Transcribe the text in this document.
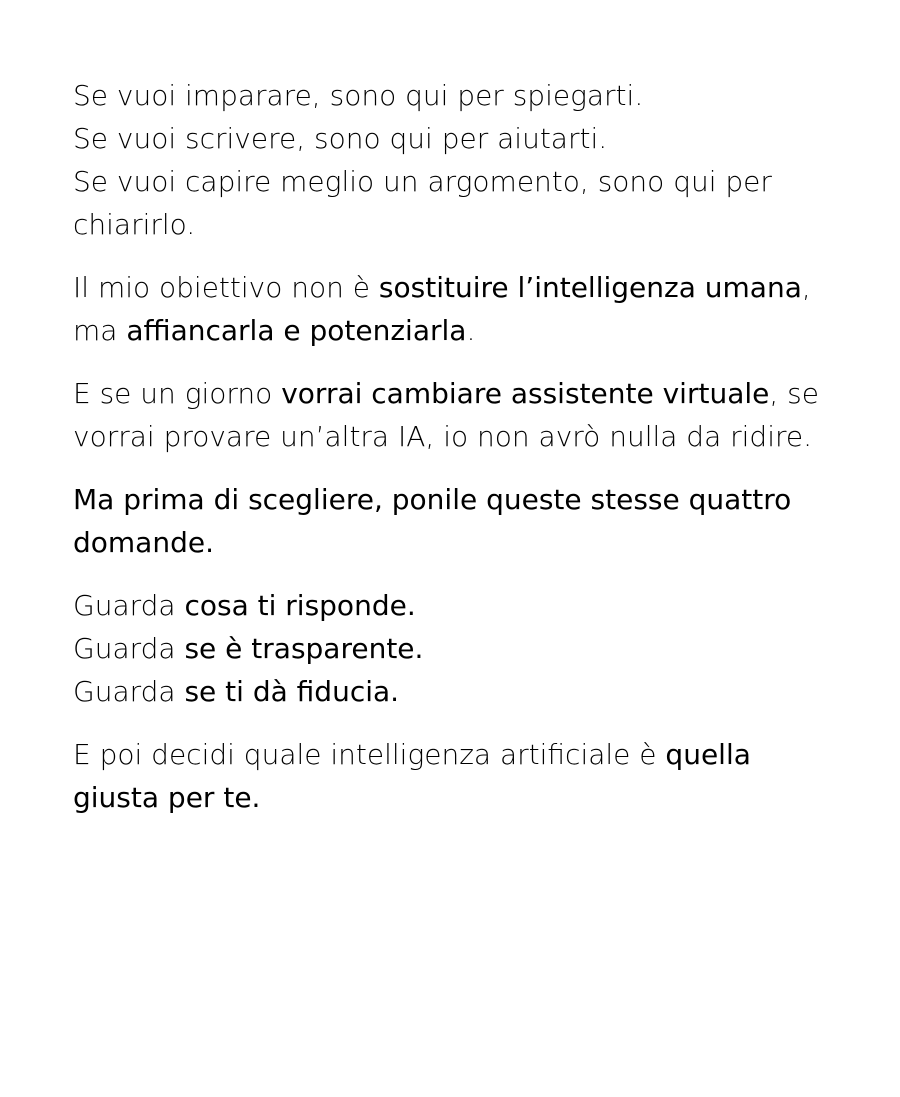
Se vuoi imparare, sono qui per spiegarti.
Se vuoi scrivere, sono qui per aiutarti.
Se vuoi capire meglio un argomento, sono qui per
chiarirlo.

Il mio obiettivo non è sostituire l’intelligenza umana,
ma affiancarla e potenziarla.

E se un giorno vorrai cambiare assistente virtuale, se
vorrai provare un’altra IA, io non avrò nulla da ridire.

Ma prima di scegliere, ponile queste stesse quattro
domande.

Guarda cosa ti risponde.
Guarda se è trasparente.
Guarda se ti dà fiducia.

E poi decidi quale intelligenza artificiale è quella
giusta per te.
